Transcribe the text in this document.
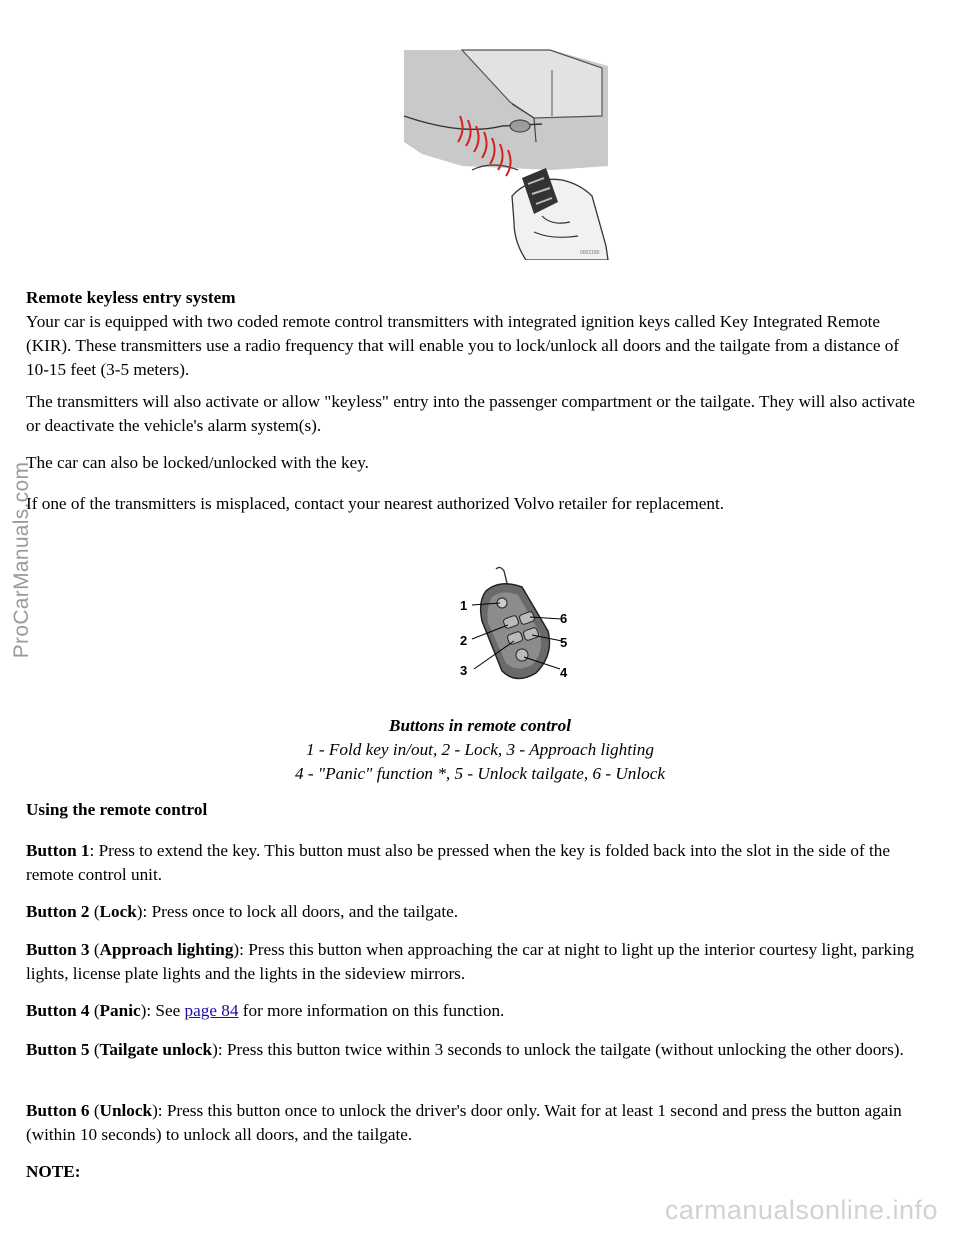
0002180

Remote keyless entry system
Your car is equipped with two coded remote control transmitters with integrated ignition keys called Key Integrated Remote (KIR). These transmitters use a radio frequency that will enable you to lock/unlock all doors and the tailgate from a distance of 10-15 feet (3-5 meters).

The transmitters will also activate or allow "keyless" entry into the passenger compartment or the tailgate. They will also activate or deactivate the vehicle's alarm system(s).

The car can also be locked/unlocked with the key.

If one of the transmitters is misplaced, contact your nearest authorized Volvo retailer for replacement.

1
2
3	4
5
6

Buttons in remote control

1 - Fold key in/out, 2 - Lock, 3 - Approach lighting

4 - "Panic" function *, 5 - Unlock tailgate, 6 - Unlock

Using the remote control

Button 1: Press to extend the key. This button must also be pressed when the key is folded back into the slot in the side of the remote control unit.

Button 2 (Lock): Press once to lock all doors, and the tailgate.

Button 3 (Approach lighting): Press this button when approaching the car at night to light up the interior courtesy light, parking lights, license plate lights and the lights in the sideview mirrors.

Button 4 (Panic): See page 84 for more information on this function.

Button 5 (Tailgate unlock): Press this button twice within 3 seconds to unlock the tailgate (without unlocking the other doors).

Button 6 (Unlock): Press this button once to unlock the driver's door only. Wait for at least 1 second and press the button again (within 10 seconds) to unlock all doors, and the tailgate.

NOTE:

ProCarManuals.com
carmanualsonline.info
